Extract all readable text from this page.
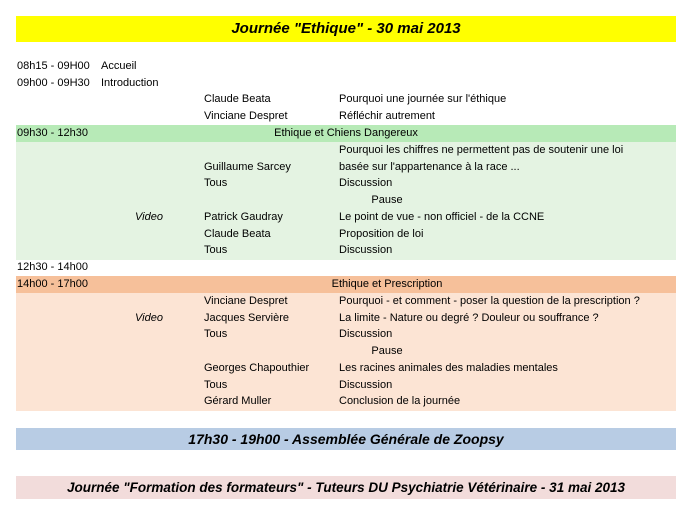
Journée "Ethique" - 30 mai 2013
08h15 - 09H00 Accueil
09h00 - 09H30 Introduction
Claude Beata	Pourquoi une journée sur l'éthique
Vinciane Despret	Réfléchir autrement
09h30 - 12h30	Ethique et Chiens Dangereux
Pourquoi les chiffres ne permettent pas de soutenir une loi
Guillaume Sarcey	basée sur l'appartenance à la race ...
Tous	Discussion
Pause
Video	Patrick Gaudray	Le point de vue - non officiel - de la CCNE
Claude Beata	Proposition de loi
Tous	Discussion
12h30 - 14h00
14h00 - 17h00	Ethique et Prescription
Vinciane Despret	Pourquoi - et comment - poser la question de la prescription ?
Video	Jacques Servière	La limite - Nature ou degré ? Douleur ou souffrance ?
Tous	Discussion
Pause
Georges Chapouthier	Les racines animales des maladies mentales
Tous	Discussion
Gérard Muller	Conclusion de la journée
17h30 - 19h00 - Assemblée Générale de Zoopsy
Journée "Formation des formateurs" - Tuteurs DU Psychiatrie Vétérinaire - 31 mai 2013
